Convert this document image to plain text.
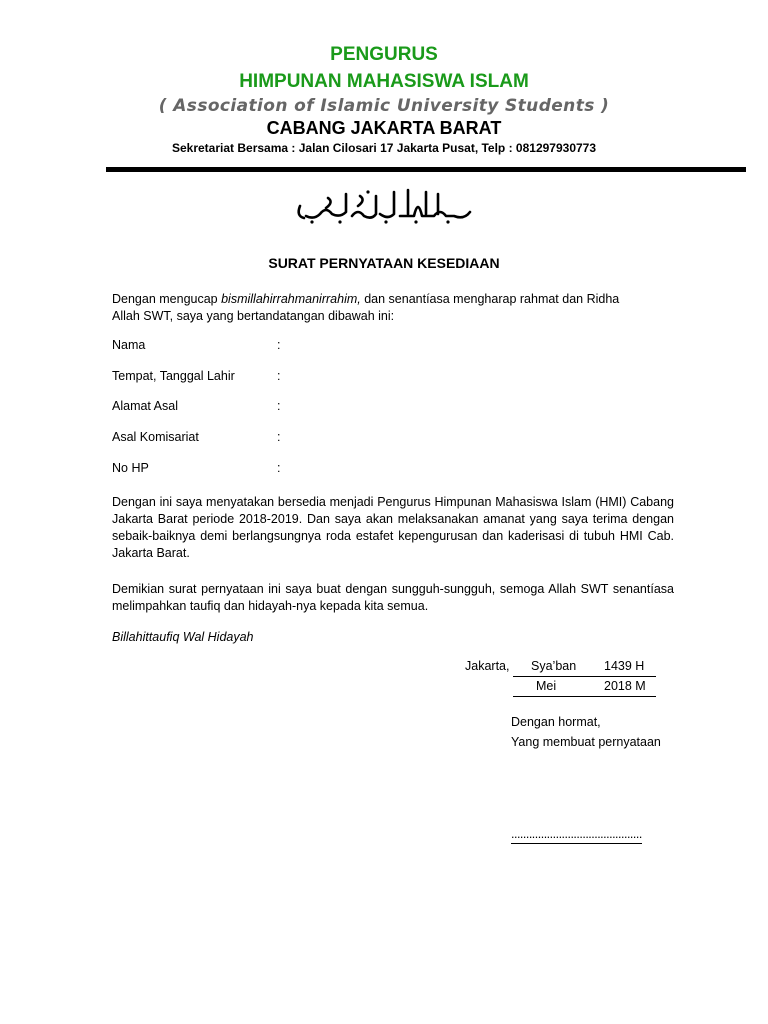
PENGURUS
HIMPUNAN MAHASISWA ISLAM
( Association of Islamic University Students )
CABANG JAKARTA BARAT
Sekretariat Bersama : Jalan Cilosari 17 Jakarta Pusat, Telp : 081297930773
SURAT PERNYATAAN KESEDIAAN
Dengan mengucap bismillahirrahmanirrahim, dan senantíasa mengharap rahmat dan Ridha
Allah SWT, saya yang bertandatangan dibawah ini:
Nama	:
Tempat, Tanggal Lahir	:
Alamat Asal	:
Asal Komisariat	:
No HP	:
Dengan ini saya menyatakan bersedia menjadi Pengurus Himpunan Mahasiswa Islam (HMI) Cabang Jakarta Barat periode 2018-2019. Dan saya akan melaksanakan amanat yang saya terima dengan sebaik-baiknya demi berlangsungnya roda estafet kepengurusan dan kaderisasi di tubuh HMI Cab. Jakarta Barat.
Demikian surat pernyataan ini saya buat dengan sungguh-sungguh, semoga Allah SWT senantíasa melimpahkan taufiq dan hidayah-nya kepada kita semua.
Billahittaufiq Wal Hidayah
Jakarta, Sya’ban 1439 H
Mei	2018 M
Dengan hormat,
Yang membuat pernyataan
............................................
